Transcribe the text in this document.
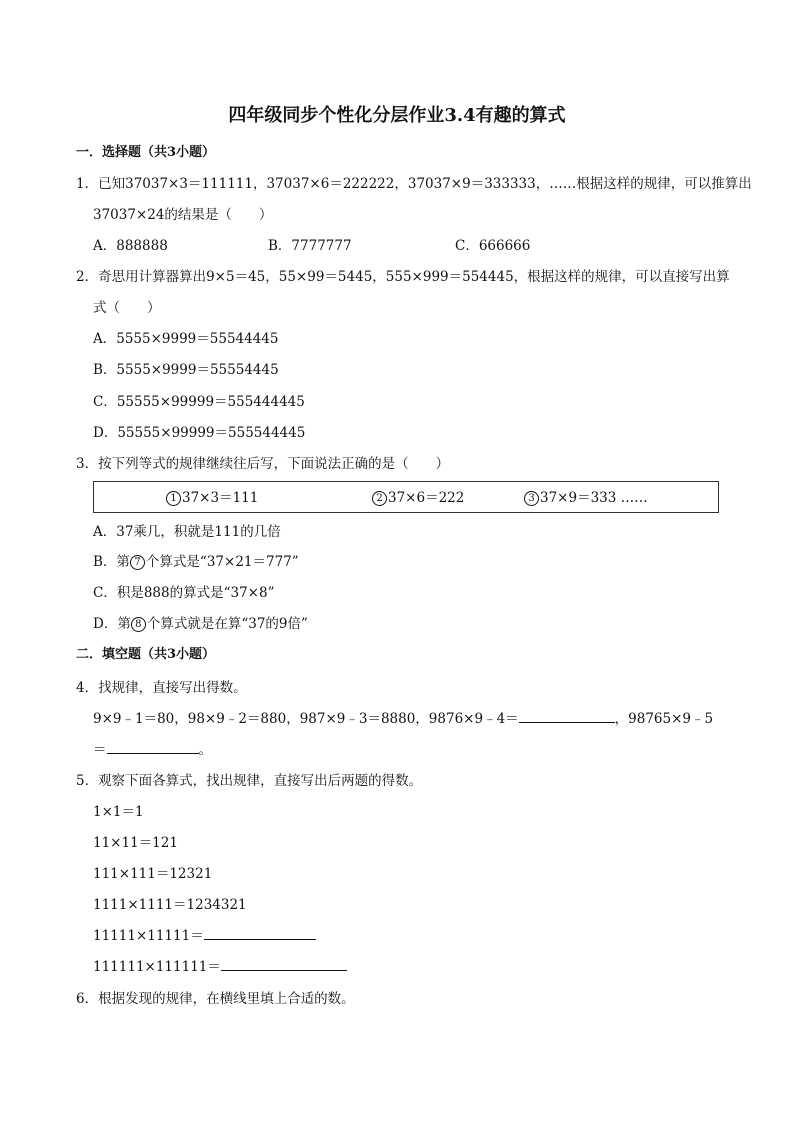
四年级同步个性化分层作业3.4有趣的算式
一．选择题（共3小题）
1．已知37037×3＝111111，37037×6＝222222，37037×9＝333333，……根据这样的规律，可以推算出
37037×24的结果是（　　）
A．888888	B．7777777	C．666666
2．奇思用计算器算出9×5＝45，55×99＝5445，555×999＝554445，根据这样的规律，可以直接写出算
式（　　）
A．5555×9999＝55544445
B．5555×9999＝55554445
C．55555×99999＝555444445
D．55555×99999＝555544445
3．按下列等式的规律继续往后写，下面说法正确的是（　　）
1 37×3＝111	2 37×6＝222	3 37×9＝333 ……
A．37乘几，积就是111的几倍
B．第 7 个算式是“37×21＝777”
C．积是888的算式是“37×8”
D．第 8 个算式就是在算“37的9倍”
二．填空题（共3小题）
4．找规律，直接写出得数。
9×9﹣1＝80，98×9﹣2＝880，987×9﹣3＝8880，9876×9﹣4＝	，98765×9﹣5
＝	。
5．观察下面各算式，找出规律，直接写出后两题的得数。
1×1＝1
11×11＝121
111×111＝12321
1111×1111＝1234321
11111×11111＝
111111×111111＝
6．根据发现的规律，在横线里填上合适的数。
